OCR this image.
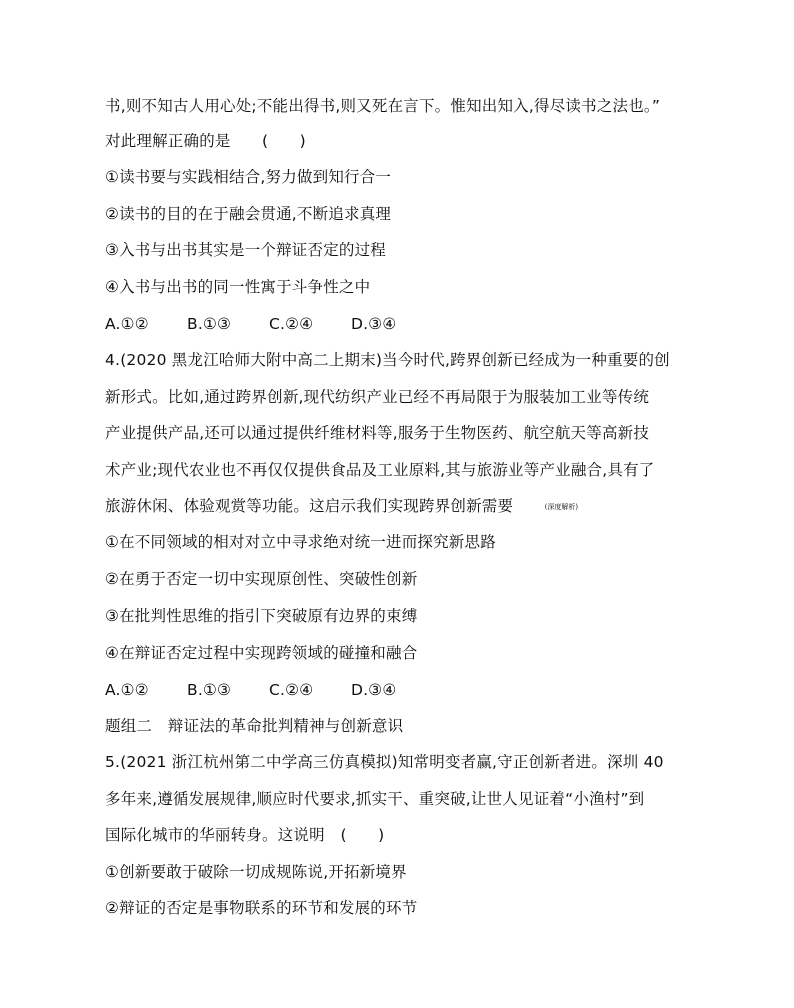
书,则不知古人用心处;不能出得书,则又死在言下。惟知出知入,得尽读书之法也。”
对此理解正确的是　　(　　)
①读书要与实践相结合,努力做到知行合一
②读书的目的在于融会贯通,不断追求真理
③入书与出书其实是一个辩证否定的过程
④入书与出书的同一性寓于斗争性之中
A.①② B.①③ C.②④ D.③④
4.(2020 黑龙江哈师大附中高二上期末)当今时代,跨界创新已经成为一种重要的创
新形式。比如,通过跨界创新,现代纺织产业已经不再局限于为服装加工业等传统
产业提供产品,还可以通过提供纤维材料等,服务于生物医药、航空航天等高新技
术产业;现代农业也不再仅仅提供食品及工业原料,其与旅游业等产业融合,具有了
旅游休闲、体验观赏等功能。这启示我们实现跨界创新需要　　(深度解析)
①在不同领域的相对对立中寻求绝对统一进而探究新思路
②在勇于否定一切中实现原创性、突破性创新
③在批判性思维的指引下突破原有边界的束缚
④在辩证否定过程中实现跨领域的碰撞和融合
A.①② B.①③ C.②④ D.③④
题组二　辩证法的革命批判精神与创新意识
5.(2021 浙江杭州第二中学高三仿真模拟)知常明变者赢,守正创新者进。深圳 40
多年来,遵循发展规律,顺应时代要求,抓实干、重突破,让世人见证着“小渔村”到
国际化城市的华丽转身。这说明　(　　)
①创新要敢于破除一切成规陈说,开拓新境界
②辩证的否定是事物联系的环节和发展的环节
